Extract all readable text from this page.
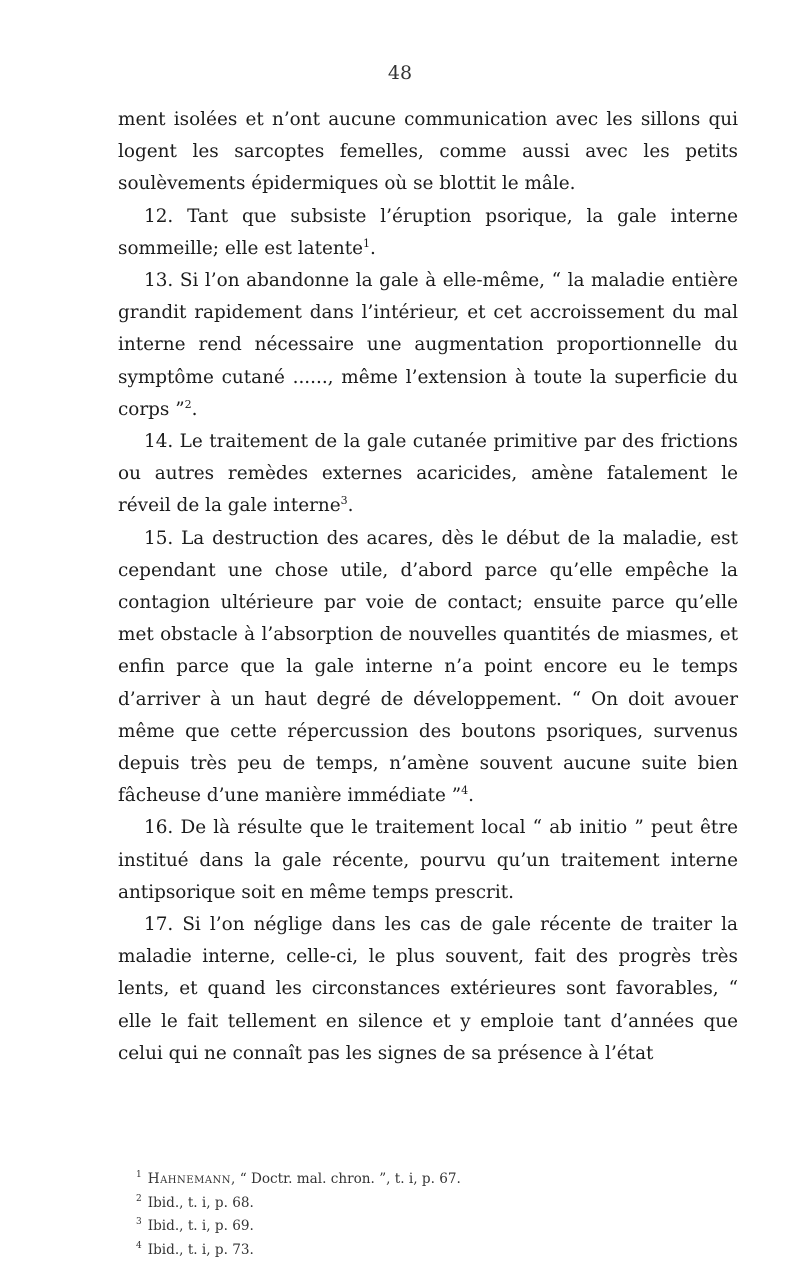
48

ment isolées et n’ont aucune communication avec les sillons qui logent les sarcoptes femelles, comme aussi avec les petits soulèvements épidermiques où se blottit le mâle.

12. Tant que subsiste l’éruption psorique, la gale interne sommeille; elle est latente$^1$.

13. Si l’on abandonne la gale à elle-même, “ la maladie entière grandit rapidement dans l’intérieur, et cet accroissement du mal interne rend nécessaire une augmentation proportionnelle du symptôme cutané ......, même l’extension à toute la superficie du corps ”$^2$.

14. Le traitement de la gale cutanée primitive par des frictions ou autres remèdes externes acaricides, amène fatalement le réveil de la gale interne$^3$.

15. La destruction des acares, dès le début de la maladie, est cependant une chose utile, d’abord parce qu’elle empêche la contagion ultérieure par voie de contact; ensuite parce qu’elle met obstacle à l’absorption de nouvelles quantités de miasmes, et enfin parce que la gale interne n’a point encore eu le temps d’arriver à un haut degré de développement. “ On doit avouer même que cette répercussion des boutons psoriques, survenus depuis très peu de temps, n’amène souvent aucune suite bien fâcheuse d’une manière immédiate ”$^4$.

16. De là résulte que le traitement local “ ab initio ” peut être institué dans la gale récente, pourvu qu’un traitement interne antipsorique soit en même temps prescrit.

17. Si l’on néglige dans les cas de gale récente de traiter la maladie interne, celle-ci, le plus souvent, fait des progrès très lents, et quand les circonstances extérieures sont favorables, “ elle le fait tellement en silence et y emploie tant d’années que celui qui ne connaît pas les signes de sa présence à l’état

$^1$ Hahnemann, “ Doctr. mal. chron. ”, t. i, p. 67.
$^2$ Ibid., t. i, p. 68.
$^3$ Ibid., t. i, p. 69.
$^4$ Ibid., t. i, p. 73.
